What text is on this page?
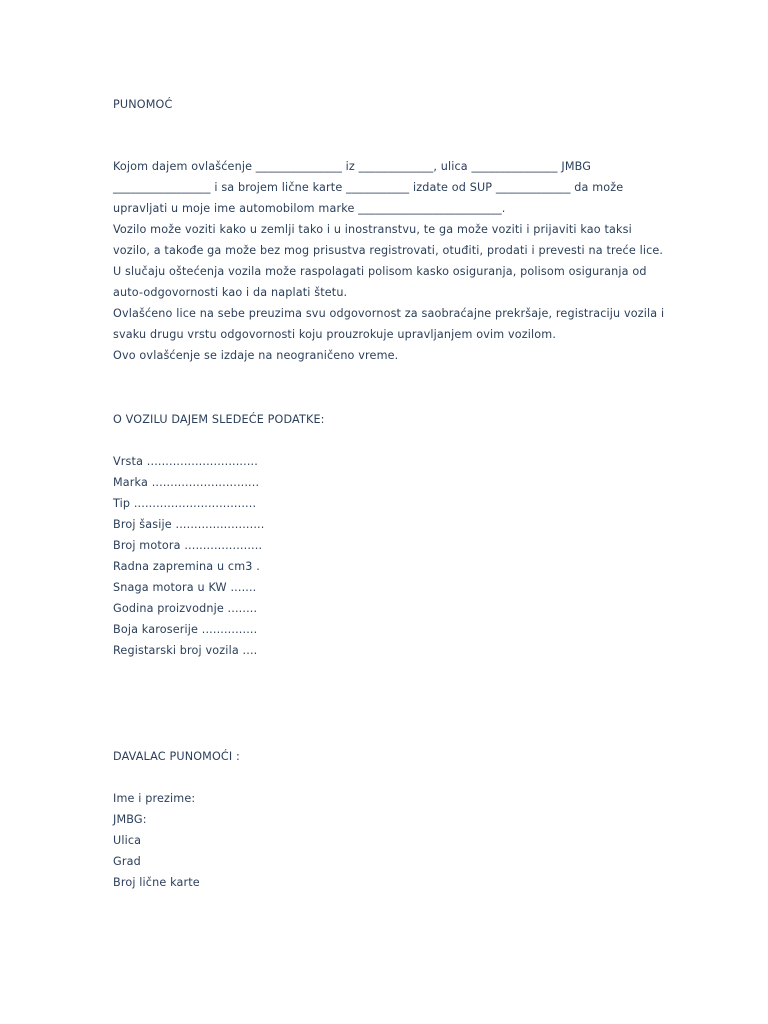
PUNOMOĆ
Kojom dajem ovlašćenje _______________ iz _____________, ulica _______________ JMBG
_________________ i sa brojem lične karte ___________ izdate od SUP _____________ da može
upravljati u moje ime automobilom marke _________________________.
Vozilo može voziti kako u zemlji tako i u inostranstvu, te ga može voziti i prijaviti kao taksi
vozilo, a takođe ga može bez mog prisustva registrovati, otuđiti, prodati i prevesti na treće lice.
U slučaju oštećenja vozila može raspolagati polisom kasko osiguranja, polisom osiguranja od
auto-odgovornosti kao i da naplati štetu.
Ovlašćeno lice na sebe preuzima svu odgovornost za saobraćajne prekršaje, registraciju vozila i
svaku drugu vrstu odgovornosti koju prouzrokuje upravljanjem ovim vozilom.
Ovo ovlašćenje se izdaje na neograničeno vreme.
O VOZILU DAJEM SLEDEĆE PODATKE:
Vrsta ..............................
Marka .............................
Tip .................................
Broj šasije ........................
Broj motora .....................
Radna zapremina u cm3 .
Snaga motora u KW .......
Godina proizvodnje ........
Boja karoserije ...............
Registarski broj vozila ....
DAVALAC PUNOMOĆI :
Ime i prezime:
JMBG:
Ulica
Grad
Broj lične karte
